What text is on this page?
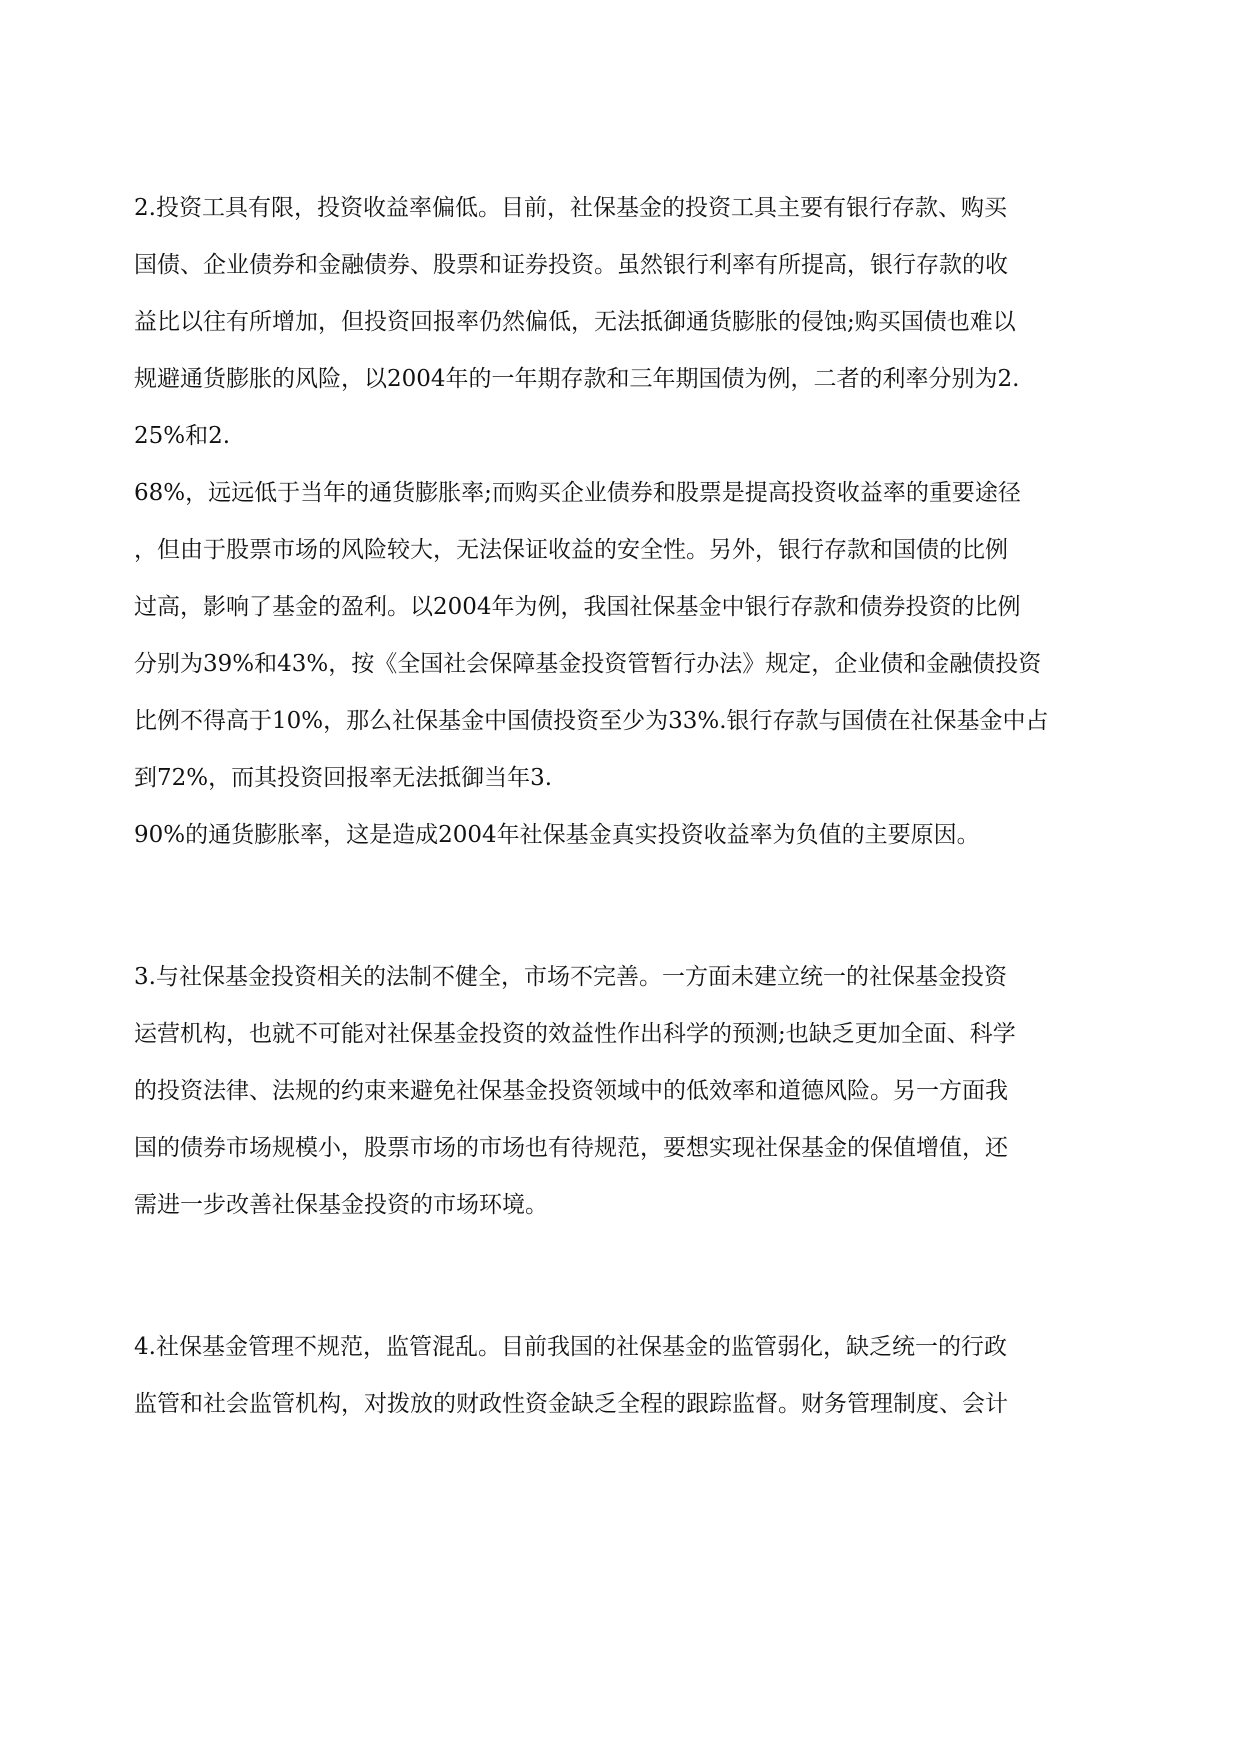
2.投资工具有限，投资收益率偏低。目前，社保基金的投资工具主要有银行存款、购买
国债、企业债券和金融债券、股票和证券投资。虽然银行利率有所提高，银行存款的收
益比以往有所增加，但投资回报率仍然偏低，无法抵御通货膨胀的侵蚀;购买国债也难以
规避通货膨胀的风险，以2004年的一年期存款和三年期国债为例，二者的利率分别为2.
25%和2.
68%，远远低于当年的通货膨胀率;而购买企业债券和股票是提高投资收益率的重要途径
，但由于股票市场的风险较大，无法保证收益的安全性。另外，银行存款和国债的比例
过高，影响了基金的盈利。以2004年为例，我国社保基金中银行存款和债券投资的比例
分别为39%和43%，按《全国社会保障基金投资管暂行办法》规定，企业债和金融债投资
比例不得高于10%，那么社保基金中国债投资至少为33%.银行存款与国债在社保基金中占
到72%，而其投资回报率无法抵御当年3.
90%的通货膨胀率，这是造成2004年社保基金真实投资收益率为负值的主要原因。
3.与社保基金投资相关的法制不健全，市场不完善。一方面未建立统一的社保基金投资
运营机构，也就不可能对社保基金投资的效益性作出科学的预测;也缺乏更加全面、科学
的投资法律、法规的约束来避免社保基金投资领域中的低效率和道德风险。另一方面我
国的债券市场规模小，股票市场的市场也有待规范，要想实现社保基金的保值增值，还
需进一步改善社保基金投资的市场环境。
4.社保基金管理不规范，监管混乱。目前我国的社保基金的监管弱化，缺乏统一的行政
监管和社会监管机构，对拨放的财政性资金缺乏全程的跟踪监督。财务管理制度、会计
